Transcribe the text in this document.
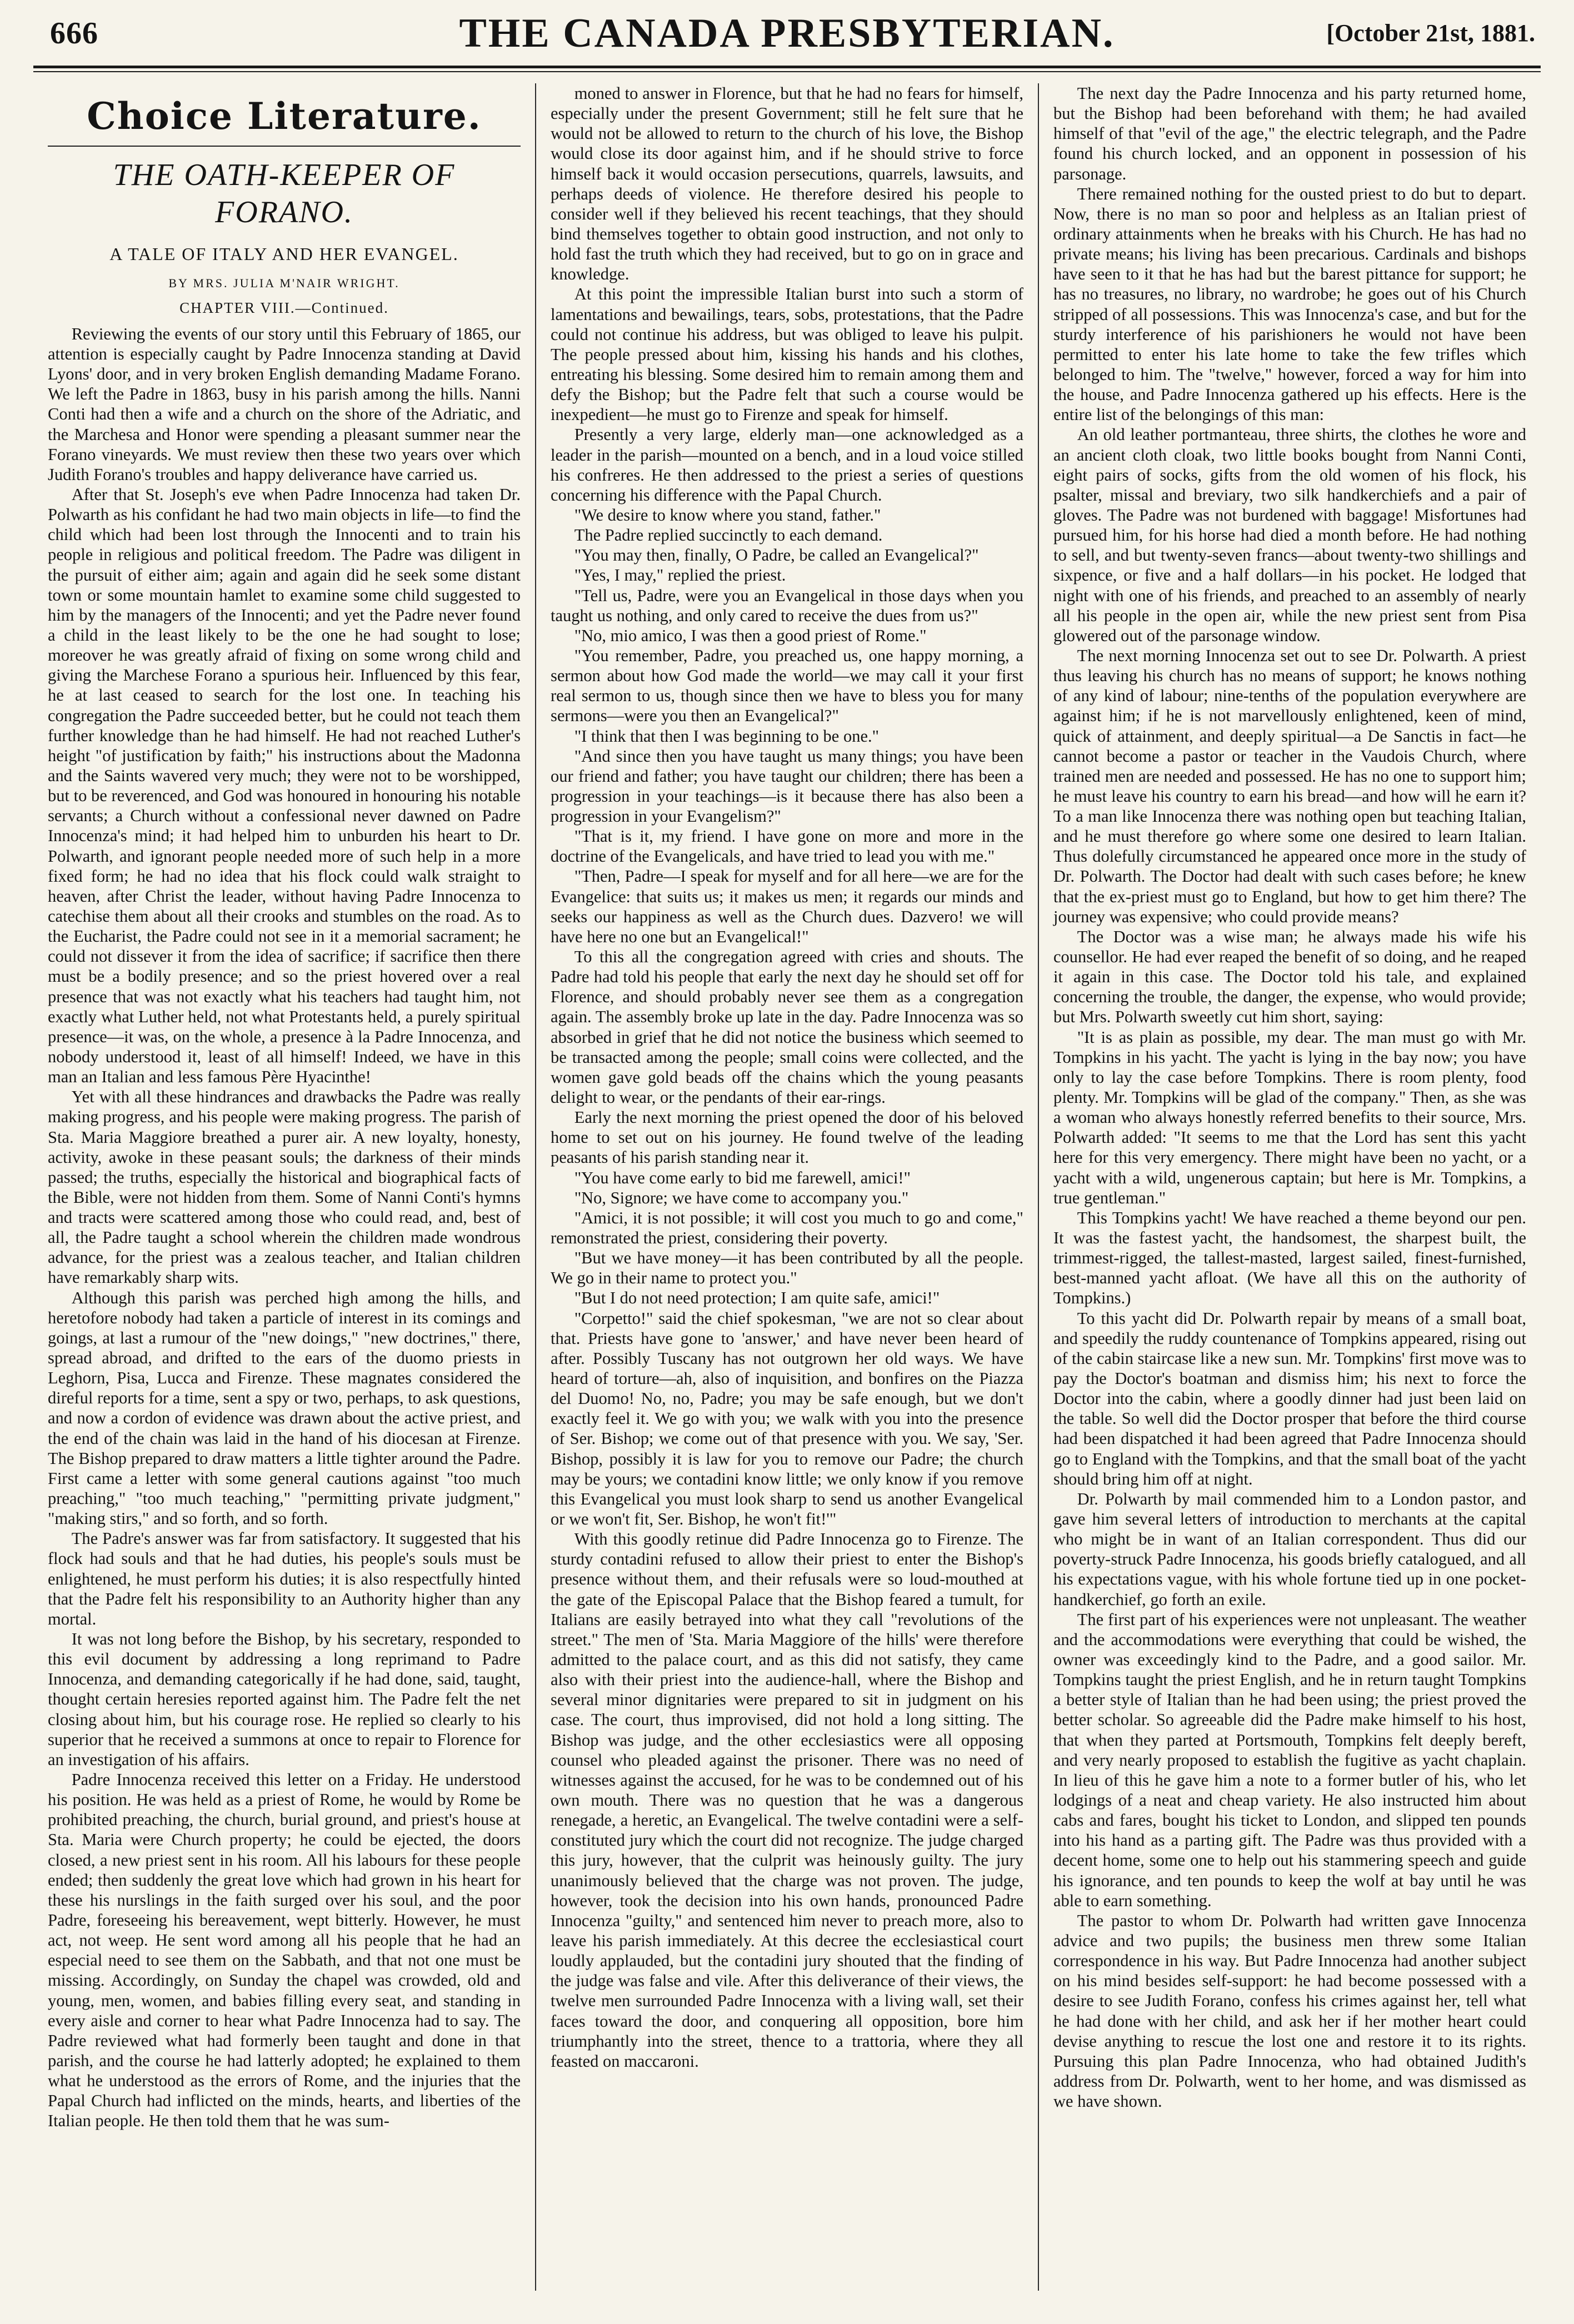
666	THE CANADA PRESBYTERIAN.	[October 21st, 1881.
Choice Literature.
THE OATH-KEEPER OF FORANO.
A TALE OF ITALY AND HER EVANGEL.
BY MRS. JULIA M'NAIR WRIGHT.
CHAPTER VIII.—Continued.

Reviewing the events of our story until this February of 1865, our attention is especially caught by Padre Innocenza standing at David Lyons' door, and in very broken English demanding Madame Forano. We left the Padre in 1863, busy in his parish among the hills. Nanni Conti had then a wife and a church on the shore of the Adriatic, and the Marchesa and Honor were spending a pleasant summer near the Forano vineyards. We must review then these two years over which Judith Forano's troubles and happy deliverance have carried us.

After that St. Joseph's eve when Padre Innocenza had taken Dr. Polwarth as his confidant he had two main objects in life—to find the child which had been lost through the Innocenti and to train his people in religious and political freedom. The Padre was diligent in the pursuit of either aim; again and again did he seek some distant town or some mountain hamlet to examine some child suggested to him by the managers of the Innocenti; and yet the Padre never found a child in the least likely to be the one he had sought to lose; moreover he was greatly afraid of fixing on some wrong child and giving the Marchese Forano a spurious heir. Influenced by this fear, he at last ceased to search for the lost one. In teaching his congregation the Padre succeeded better, but he could not teach them further knowledge than he had himself. He had not reached Luther's height "of justification by faith;" his instructions about the Madonna and the Saints wavered very much; they were not to be worshipped, but to be reverenced, and God was honoured in honouring his notable servants; a Church without a confessional never dawned on Padre Innocenza's mind; it had helped him to unburden his heart to Dr. Polwarth, and ignorant people needed more of such help in a more fixed form; he had no idea that his flock could walk straight to heaven, after Christ the leader, without having Padre Innocenza to catechise them about all their crooks and stumbles on the road. As to the Eucharist, the Padre could not see in it a memorial sacrament; he could not dissever it from the idea of sacrifice; if sacrifice then there must be a bodily presence; and so the priest hovered over a real presence that was not exactly what his teachers had taught him, not exactly what Luther held, not what Protestants held, a purely spiritual presence—it was, on the whole, a presence à la Padre Innocenza, and nobody understood it, least of all himself! Indeed, we have in this man an Italian and less famous Père Hyacinthe!

Yet with all these hindrances and drawbacks the Padre was really making progress, and his people were making progress. The parish of Sta. Maria Maggiore breathed a purer air. A new loyalty, honesty, activity, awoke in these peasant souls; the darkness of their minds passed; the truths, especially the historical and biographical facts of the Bible, were not hidden from them. Some of Nanni Conti's hymns and tracts were scattered among those who could read, and, best of all, the Padre taught a school wherein the children made wondrous advance, for the priest was a zealous teacher, and Italian children have remarkably sharp wits.

Although this parish was perched high among the hills, and heretofore nobody had taken a particle of interest in its comings and goings, at last a rumour of the "new doings," "new doctrines," there, spread abroad, and drifted to the ears of the duomo priests in Leghorn, Pisa, Lucca and Firenze. These magnates considered the direful reports for a time, sent a spy or two, perhaps, to ask questions, and now a cordon of evidence was drawn about the active priest, and the end of the chain was laid in the hand of his diocesan at Firenze. The Bishop prepared to draw matters a little tighter around the Padre. First came a letter with some general cautions against "too much preaching," "too much teaching," "permitting private judgment," "making stirs," and so forth, and so forth.

The Padre's answer was far from satisfactory. It suggested that his flock had souls and that he had duties, his people's souls must be enlightened, he must perform his duties; it is also respectfully hinted that the Padre felt his responsibility to an Authority higher than any mortal.

It was not long before the Bishop, by his secretary, responded to this evil document by addressing a long reprimand to Padre Innocenza, and demanding categorically if he had done, said, taught, thought certain heresies reported against him. The Padre felt the net closing about him, but his courage rose. He replied so clearly to his superior that he received a summons at once to repair to Florence for an investigation of his affairs.

Padre Innocenza received this letter on a Friday. He understood his position. He was held as a priest of Rome, he would by Rome be prohibited preaching, the church, burial ground, and priest's house at Sta. Maria were Church property; he could be ejected, the doors closed, a new priest sent in his room. All his labours for these people ended; then suddenly the great love which had grown in his heart for these his nurslings in the faith surged over his soul, and the poor Padre, foreseeing his bereavement, wept bitterly. However, he must act, not weep. He sent word among all his people that he had an especial need to see them on the Sabbath, and that not one must be missing. Accordingly, on Sunday the chapel was crowded, old and young, men, women, and babies filling every seat, and standing in every aisle and corner to hear what Padre Innocenza had to say. The Padre reviewed what had formerly been taught and done in that parish, and the course he had latterly adopted; he explained to them what he understood as the errors of Rome, and the injuries that the Papal Church had inflicted on the minds, hearts, and liberties of the Italian people. He then told them that he was sum-

moned to answer in Florence, but that he had no fears for himself, especially under the present Government; still he felt sure that he would not be allowed to return to the church of his love, the Bishop would close its door against him, and if he should strive to force himself back it would occasion persecutions, quarrels, lawsuits, and perhaps deeds of violence. He therefore desired his people to consider well if they believed his recent teachings, that they should bind themselves together to obtain good instruction, and not only to hold fast the truth which they had received, but to go on in grace and knowledge.

At this point the impressible Italian burst into such a storm of lamentations and bewailings, tears, sobs, protestations, that the Padre could not continue his address, but was obliged to leave his pulpit. The people pressed about him, kissing his hands and his clothes, entreating his blessing. Some desired him to remain among them and defy the Bishop; but the Padre felt that such a course would be inexpedient—he must go to Firenze and speak for himself.

Presently a very large, elderly man—one acknowledged as a leader in the parish—mounted on a bench, and in a loud voice stilled his confreres. He then addressed to the priest a series of questions concerning his difference with the Papal Church.

"We desire to know where you stand, father."

The Padre replied succinctly to each demand.

"You may then, finally, O Padre, be called an Evangelical?"

"Yes, I may," replied the priest.

"Tell us, Padre, were you an Evangelical in those days when you taught us nothing, and only cared to receive the dues from us?"

"No, mio amico, I was then a good priest of Rome."

"You remember, Padre, you preached us, one happy morning, a sermon about how God made the world—we may call it your first real sermon to us, though since then we have to bless you for many sermons—were you then an Evangelical?"

"I think that then I was beginning to be one."

"And since then you have taught us many things; you have been our friend and father; you have taught our children; there has been a progression in your teachings—is it because there has also been a progression in your Evangelism?"

"That is it, my friend. I have gone on more and more in the doctrine of the Evangelicals, and have tried to lead you with me."

"Then, Padre—I speak for myself and for all here—we are for the Evangelice: that suits us; it makes us men; it regards our minds and seeks our happiness as well as the Church dues. Dazvero! we will have here no one but an Evangelical!"

To this all the congregation agreed with cries and shouts. The Padre had told his people that early the next day he should set off for Florence, and should probably never see them as a congregation again. The assembly broke up late in the day. Padre Innocenza was so absorbed in grief that he did not notice the business which seemed to be transacted among the people; small coins were collected, and the women gave gold beads off the chains which the young peasants delight to wear, or the pendants of their ear-rings.

Early the next morning the priest opened the door of his beloved home to set out on his journey. He found twelve of the leading peasants of his parish standing near it.

"You have come early to bid me farewell, amici!"

"No, Signore; we have come to accompany you."

"Amici, it is not possible; it will cost you much to go and come," remonstrated the priest, considering their poverty.

"But we have money—it has been contributed by all the people. We go in their name to protect you."

"But I do not need protection; I am quite safe, amici!"

"Corpetto!" said the chief spokesman, "we are not so clear about that. Priests have gone to 'answer,' and have never been heard of after. Possibly Tuscany has not outgrown her old ways. We have heard of torture—ah, also of inquisition, and bonfires on the Piazza del Duomo! No, no, Padre; you may be safe enough, but we don't exactly feel it. We go with you; we walk with you into the presence of Ser. Bishop; we come out of that presence with you. We say, 'Ser. Bishop, possibly it is law for you to remove our Padre; the church may be yours; we contadini know little; we only know if you remove this Evangelical you must look sharp to send us another Evangelical or we won't fit, Ser. Bishop, he won't fit!'"

With this goodly retinue did Padre Innocenza go to Firenze. The sturdy contadini refused to allow their priest to enter the Bishop's presence without them, and their refusals were so loud-mouthed at the gate of the Episcopal Palace that the Bishop feared a tumult, for Italians are easily betrayed into what they call "revolutions of the street." The men of 'Sta. Maria Maggiore of the hills' were therefore admitted to the palace court, and as this did not satisfy, they came also with their priest into the audience-hall, where the Bishop and several minor dignitaries were prepared to sit in judgment on his case. The court, thus improvised, did not hold a long sitting. The Bishop was judge, and the other ecclesiastics were all opposing counsel who pleaded against the prisoner. There was no need of witnesses against the accused, for he was to be condemned out of his own mouth. There was no question that he was a dangerous renegade, a heretic, an Evangelical. The twelve contadini were a self-constituted jury which the court did not recognize. The judge charged this jury, however, that the culprit was heinously guilty. The jury unanimously believed that the charge was not proven. The judge, however, took the decision into his own hands, pronounced Padre Innocenza "guilty," and sentenced him never to preach more, also to leave his parish immediately. At this decree the ecclesiastical court loudly applauded, but the contadini jury shouted that the finding of the judge was false and vile. After this deliverance of their views, the twelve men surrounded Padre Innocenza with a living wall, set their faces toward the door, and conquering all opposition, bore him triumphantly into the street, thence to a trattoria, where they all feasted on maccaroni.

The next day the Padre Innocenza and his party returned home, but the Bishop had been beforehand with them; he had availed himself of that "evil of the age," the electric telegraph, and the Padre found his church locked, and an opponent in possession of his parsonage.

There remained nothing for the ousted priest to do but to depart. Now, there is no man so poor and helpless as an Italian priest of ordinary attainments when he breaks with his Church. He has had no private means; his living has been precarious. Cardinals and bishops have seen to it that he has had but the barest pittance for support; he has no treasures, no library, no wardrobe; he goes out of his Church stripped of all possessions. This was Innocenza's case, and but for the sturdy interference of his parishioners he would not have been permitted to enter his late home to take the few trifles which belonged to him. The "twelve," however, forced a way for him into the house, and Padre Innocenza gathered up his effects. Here is the entire list of the belongings of this man:

An old leather portmanteau, three shirts, the clothes he wore and an ancient cloth cloak, two little books bought from Nanni Conti, eight pairs of socks, gifts from the old women of his flock, his psalter, missal and breviary, two silk handkerchiefs and a pair of gloves. The Padre was not burdened with baggage! Misfortunes had pursued him, for his horse had died a month before. He had nothing to sell, and but twenty-seven francs—about twenty-two shillings and sixpence, or five and a half dollars—in his pocket. He lodged that night with one of his friends, and preached to an assembly of nearly all his people in the open air, while the new priest sent from Pisa glowered out of the parsonage window.

The next morning Innocenza set out to see Dr. Polwarth. A priest thus leaving his church has no means of support; he knows nothing of any kind of labour; nine-tenths of the population everywhere are against him; if he is not marvellously enlightened, keen of mind, quick of attainment, and deeply spiritual—a De Sanctis in fact—he cannot become a pastor or teacher in the Vaudois Church, where trained men are needed and possessed. He has no one to support him; he must leave his country to earn his bread—and how will he earn it? To a man like Innocenza there was nothing open but teaching Italian, and he must therefore go where some one desired to learn Italian. Thus dolefully circumstanced he appeared once more in the study of Dr. Polwarth. The Doctor had dealt with such cases before; he knew that the ex-priest must go to England, but how to get him there? The journey was expensive; who could provide means?

The Doctor was a wise man; he always made his wife his counsellor. He had ever reaped the benefit of so doing, and he reaped it again in this case. The Doctor told his tale, and explained concerning the trouble, the danger, the expense, who would provide; but Mrs. Polwarth sweetly cut him short, saying:

"It is as plain as possible, my dear. The man must go with Mr. Tompkins in his yacht. The yacht is lying in the bay now; you have only to lay the case before Tompkins. There is room plenty, food plenty. Mr. Tompkins will be glad of the company." Then, as she was a woman who always honestly referred benefits to their source, Mrs. Polwarth added: "It seems to me that the Lord has sent this yacht here for this very emergency. There might have been no yacht, or a yacht with a wild, ungenerous captain; but here is Mr. Tompkins, a true gentleman."

This Tompkins yacht! We have reached a theme beyond our pen. It was the fastest yacht, the handsomest, the sharpest built, the trimmest-rigged, the tallest-masted, largest sailed, finest-furnished, best-manned yacht afloat. (We have all this on the authority of Tompkins.)

To this yacht did Dr. Polwarth repair by means of a small boat, and speedily the ruddy countenance of Tompkins appeared, rising out of the cabin staircase like a new sun. Mr. Tompkins' first move was to pay the Doctor's boatman and dismiss him; his next to force the Doctor into the cabin, where a goodly dinner had just been laid on the table. So well did the Doctor prosper that before the third course had been dispatched it had been agreed that Padre Innocenza should go to England with the Tompkins, and that the small boat of the yacht should bring him off at night.

Dr. Polwarth by mail commended him to a London pastor, and gave him several letters of introduction to merchants at the capital who might be in want of an Italian correspondent. Thus did our poverty-struck Padre Innocenza, his goods briefly catalogued, and all his expectations vague, with his whole fortune tied up in one pocket-handkerchief, go forth an exile.

The first part of his experiences were not unpleasant. The weather and the accommodations were everything that could be wished, the owner was exceedingly kind to the Padre, and a good sailor. Mr. Tompkins taught the priest English, and he in return taught Tompkins a better style of Italian than he had been using; the priest proved the better scholar. So agreeable did the Padre make himself to his host, that when they parted at Portsmouth, Tompkins felt deeply bereft, and very nearly proposed to establish the fugitive as yacht chaplain. In lieu of this he gave him a note to a former butler of his, who let lodgings of a neat and cheap variety. He also instructed him about cabs and fares, bought his ticket to London, and slipped ten pounds into his hand as a parting gift. The Padre was thus provided with a decent home, some one to help out his stammering speech and guide his ignorance, and ten pounds to keep the wolf at bay until he was able to earn something.

The pastor to whom Dr. Polwarth had written gave Innocenza advice and two pupils; the business men threw some Italian correspondence in his way. But Padre Innocenza had another subject on his mind besides self-support: he had become possessed with a desire to see Judith Forano, confess his crimes against her, tell what he had done with her child, and ask her if her mother heart could devise anything to rescue the lost one and restore it to its rights. Pursuing this plan Padre Innocenza, who had obtained Judith's address from Dr. Polwarth, went to her home, and was dismissed as we have shown.
